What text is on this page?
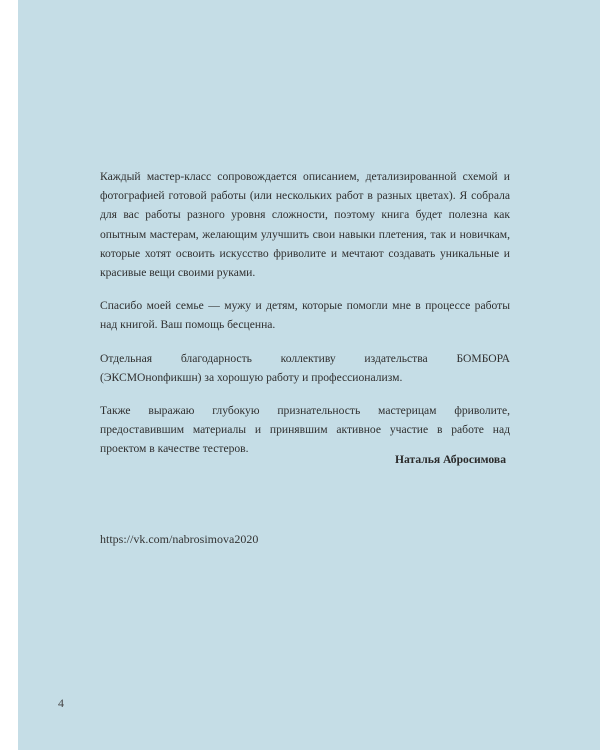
Каждый мастер-класс сопровождается описанием, детализированной схемой и фотографией готовой работы (или нескольких работ в разных цветах). Я собрала для вас работы разного уровня сложности, поэтому книга будет полезна как опытным мастерам, желающим улучшить свои навыки плетения, так и новичкам, которые хотят освоить искусство фриволите и мечтают создавать уникальные и красивые вещи своими руками.

Спасибо моей семье — мужу и детям, которые помогли мне в процессе работы над книгой. Ваш помощь бесценна.

Отдельная благодарность коллективу издательства БОМБОРА (ЭКСМОноnфикшн) за хорошую работу и профессионализм.

Также выражаю глубокую признательность мастерицам фриволите, предоставившим материалы и принявшим активное участие в работе над проектом в качестве тестеров.

Наталья Абросимова
https://vk.com/nabrosimova2020
4
